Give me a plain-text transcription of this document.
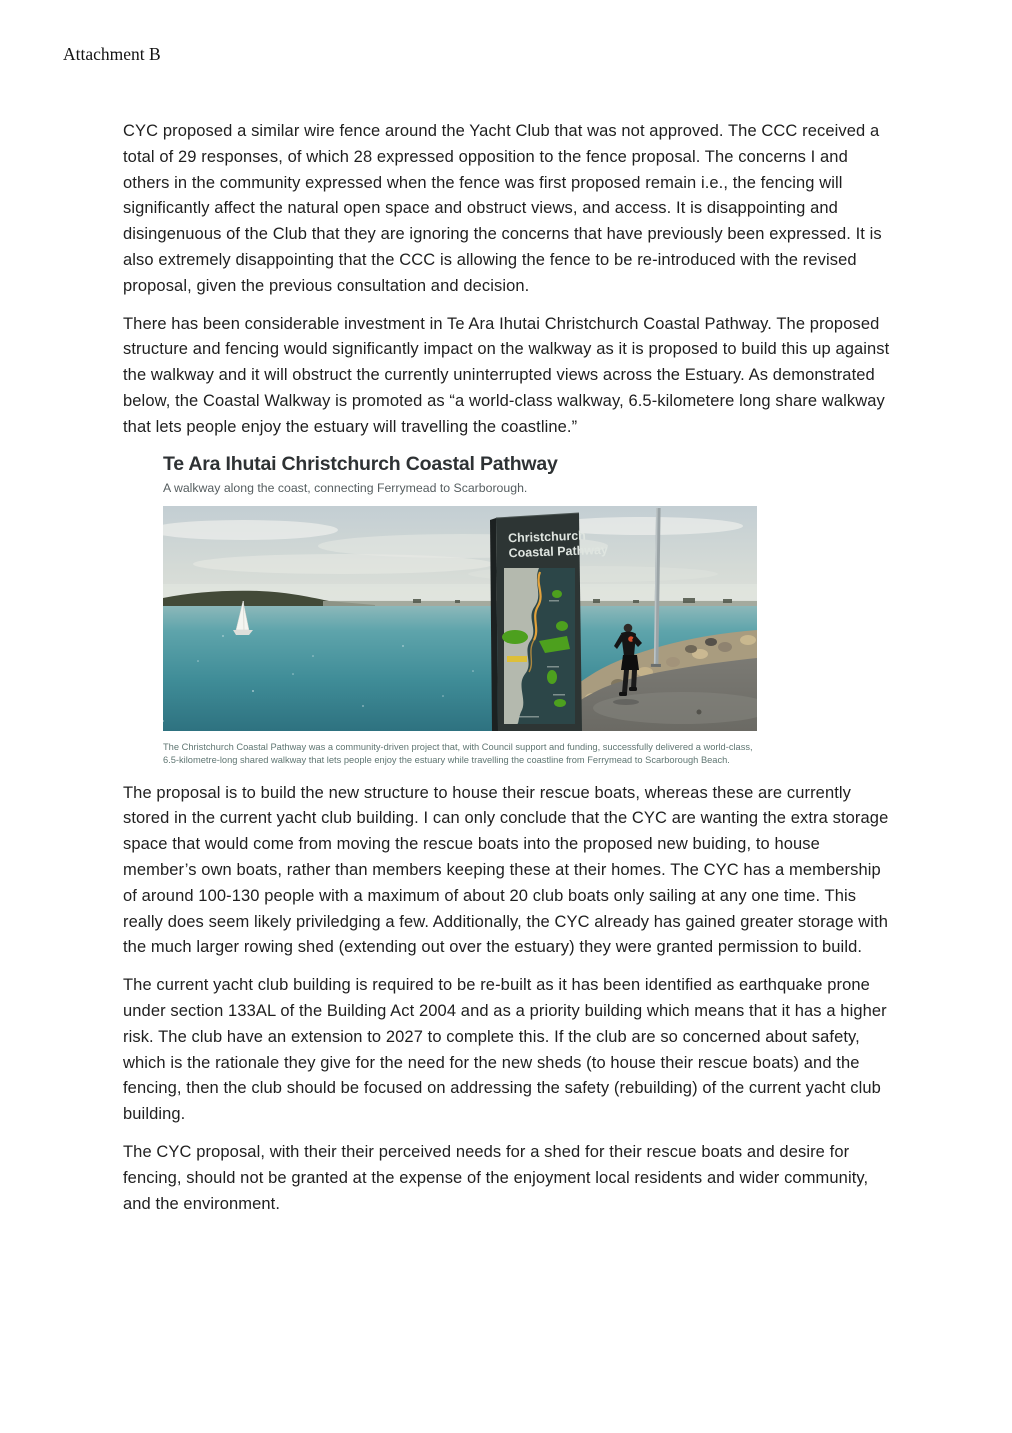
Attachment B

CYC proposed a similar wire fence around the Yacht Club that was not approved. The CCC received a total of 29 responses, of which 28 expressed opposition to the fence proposal. The concerns I and others in the community expressed when the fence was first proposed remain i.e., the fencing will significantly affect the natural open space and obstruct views, and access. It is disappointing and disingenuous of the Club that they are ignoring the concerns that have previously been expressed. It is also extremely disappointing that the CCC is allowing the fence to be re-introduced with the revised proposal, given the previous consultation and decision.

There has been considerable investment in Te Ara Ihutai Christchurch Coastal Pathway. The proposed structure and fencing would significantly impact on the walkway as it is proposed to build this up against the walkway and it will obstruct the currently uninterrupted views across the Estuary. As demonstrated below, the Coastal Walkway is promoted as “a world-class walkway, 6.5-kilometere long share walkway that lets people enjoy the estuary will travelling the coastline.”

Te Ara Ihutai Christchurch Coastal Pathway
A walkway along the coast, connecting Ferrymead to Scarborough.
Christchurch
Coastal Pathway
The Christchurch Coastal Pathway was a community-driven project that, with Council support and funding, successfully delivered a world-class, 6.5-kilometre-long shared walkway that lets people enjoy the estuary while travelling the coastline from Ferrymead to Scarborough Beach.

The proposal is to build the new structure to house their rescue boats, whereas these are currently stored in the current yacht club building. I can only conclude that the CYC are wanting the extra storage space that would come from moving the rescue boats into the proposed new buiding, to house member’s own boats, rather than members keeping these at their homes. The CYC has a membership of around 100-130 people with a maximum of about 20 club boats only sailing at any one time. This really does seem likely priviledging a few. Additionally, the CYC already has gained greater storage with the much larger rowing shed (extending out over the estuary) they were granted permission to build.

The current yacht club building is required to be re-built as it has been identified as earthquake prone under section 133AL of the Building Act 2004 and as a priority building which means that it has a higher risk. The club have an extension to 2027 to complete this. If the club are so concerned about safety, which is the rationale they give for the need for the new sheds (to house their rescue boats) and the fencing, then the club should be focused on addressing the safety (rebuilding) of the current yacht club building.

The CYC proposal, with their their perceived needs for a shed for their rescue boats and desire for fencing, should not be granted at the expense of the enjoyment local residents and wider community, and the environment.
